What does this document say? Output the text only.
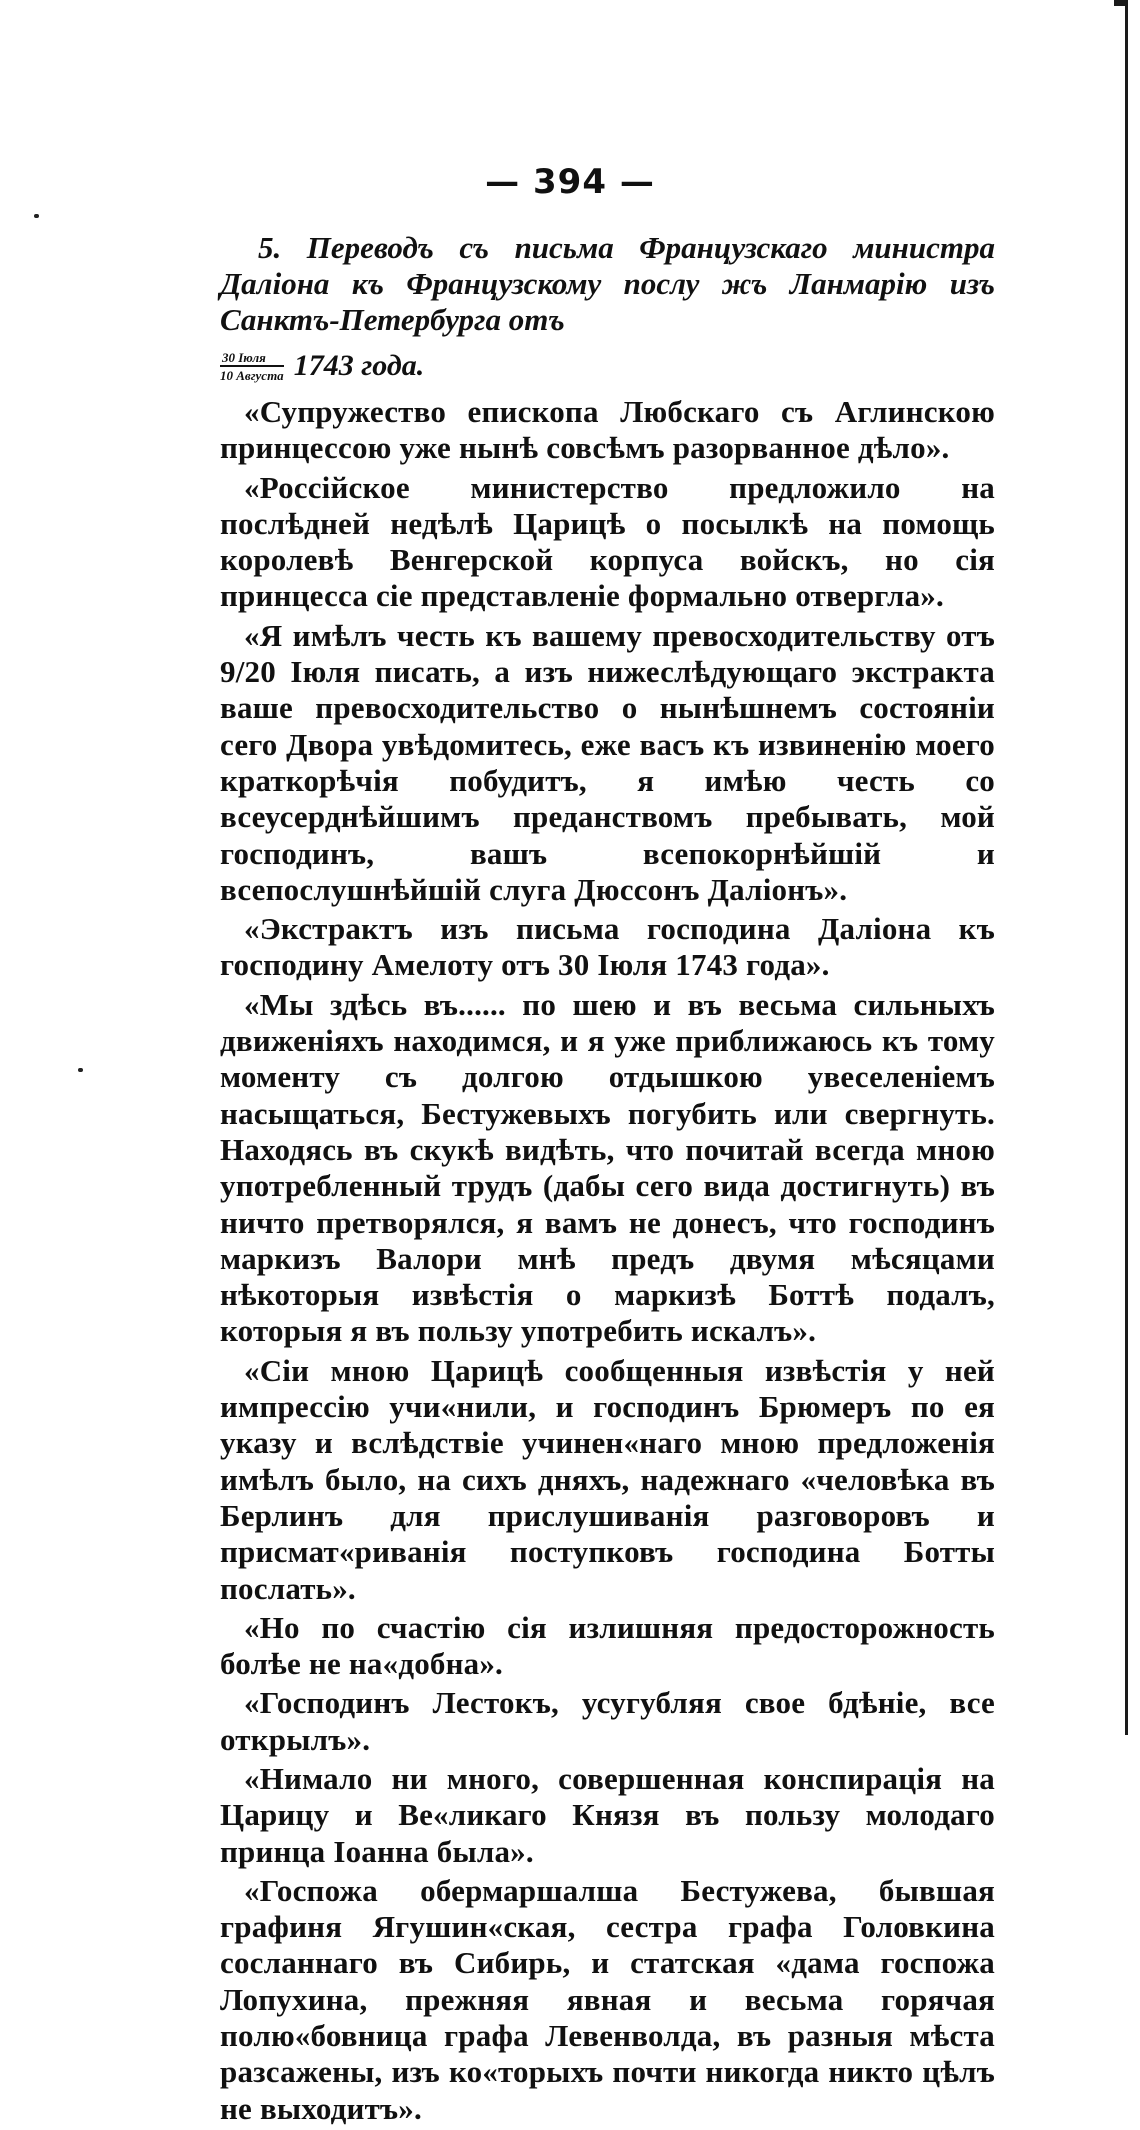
— 394 —

5. Переводъ съ письма Французскаго министра Даліона къ Французскому послу жъ Ланмарію изъ Санктъ-Петербурга отъ

$\frac{\text{30 Іюля}}{\text{10 Августа}} 1743$ года.

«Супружество епископа Любскаго съ Аглинскою принцессою уже нынѣ совсѣмъ разорванное дѣло».

«Россійское министерство предложило на послѣдней недѣлѣ Царицѣ о посылкѣ на помощь королевѣ Венгерской корпуса войскъ, но сія принцесса сіе представленіе формально отвергла».

«Я имѣлъ честь къ вашему превосходительству отъ 9/20 Іюля писать, а изъ нижеслѣдующаго экстракта ваше превосходительство о нынѣшнемъ состояніи сего Двора увѣдомитесь, еже васъ къ извиненію моего краткорѣчія побудитъ, я имѣю честь со всеусерднѣйшимъ преданствомъ пребывать, мой господинъ, вашъ всепокорнѣйшій и всепослушнѣйшій слуга Дюссонъ Даліонъ».

«Экстрактъ изъ письма господина Даліона къ господину Амелоту отъ 30 Іюля 1743 года».

«Мы здѣсь въ...... по шею и въ весьма сильныхъ движеніяхъ находимся, и я уже приближаюсь къ тому моменту съ долгою отдышкою увеселеніемъ насыщаться, Бестужевыхъ погубить или свергнуть. Находясь въ скукѣ видѣть, что почитай всегда мною употребленный трудъ (дабы сего вида достигнуть) въ ничто претворялся, я вамъ не донесъ, что господинъ маркизъ Валори мнѣ предъ двумя мѣсяцами нѣкоторыя извѣстія о маркизѣ Боттѣ подалъ, которыя я въ пользу употребить искалъ».

«Сіи мною Царицѣ сообщенныя извѣстія у ней импрессію учи«нили, и господинъ Брюмеръ по ея указу и вслѣдствіе учинен«наго мною предложенія имѣлъ было, на сихъ дняхъ, надежнаго «человѣка въ Берлинъ для прислушиванія разговоровъ и присмат«риванія поступковъ господина Ботты послать».

«Но по счастію сія излишняя предосторожность болѣе не на«добна».

«Господинъ Лестокъ, усугубляя свое бдѣніе, все открылъ».

«Нимало ни много, совершенная конспирація на Царицу и Ве«ликаго Князя въ пользу молодаго принца Іоанна была».

«Госпожа обермаршалша Бестужева, бывшая графиня Ягушин«ская, сестра графа Головкина сосланнаго въ Сибирь, и статская «дама госпожа Лопухина, прежняя явная и весьма горячая полю«бовница графа Левенволда, въ разныя мѣста разсажены, изъ ко«торыхъ почти никогда никто цѣлъ не выходитъ».
